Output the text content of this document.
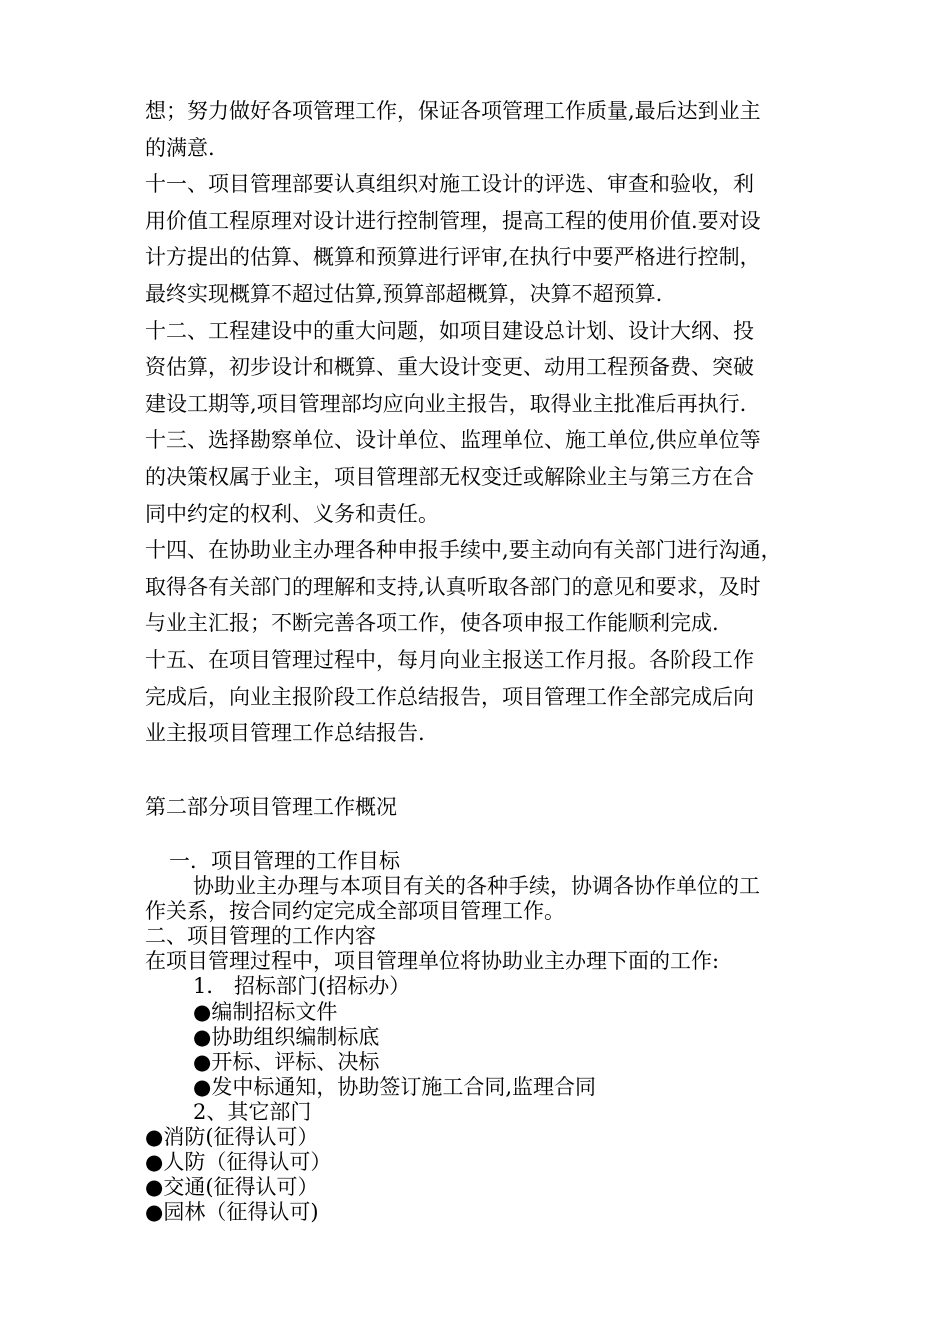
想；努力做好各项管理工作，保证各项管理工作质量,最后达到业主

的满意.

十一、项目管理部要认真组织对施工设计的评选、审查和验收，利

用价值工程原理对设计进行控制管理，提高工程的使用价值.要对设

计方提出的估算、概算和预算进行评审,在执行中要严格进行控制，

最终实现概算不超过估算,预算部超概算，决算不超预算.

十二、工程建设中的重大问题，如项目建设总计划、设计大纲、投

资估算，初步设计和概算、重大设计变更、动用工程预备费、突破

建设工期等,项目管理部均应向业主报告，取得业主批准后再执行.

十三、选择勘察单位、设计单位、监理单位、施工单位,供应单位等

的决策权属于业主，项目管理部无权变迁或解除业主与第三方在合

同中约定的权利、义务和责任。

十四、在协助业主办理各种申报手续中,要主动向有关部门进行沟通，

取得各有关部门的理解和支持,认真听取各部门的意见和要求，及时

与业主汇报；不断完善各项工作，使各项申报工作能顺利完成.

十五、在项目管理过程中，每月向业主报送工作月报。各阶段工作

完成后，向业主报阶段工作总结报告，项目管理工作全部完成后向

业主报项目管理工作总结报告.

第二部分项目管理工作概况

一．项目管理的工作目标

协助业主办理与本项目有关的各种手续，协调各协作单位的工

作关系，按合同约定完成全部项目管理工作。

二、项目管理的工作内容

在项目管理过程中，项目管理单位将协助业主办理下面的工作:

1． 招标部门(招标办）

●编制招标文件

●协助组织编制标底

●开标、评标、决标

●发中标通知，协助签订施工合同,监理合同

2、其它部门

●消防(征得认可）

●人防（征得认可）

●交通(征得认可）

●园林（征得认可)
